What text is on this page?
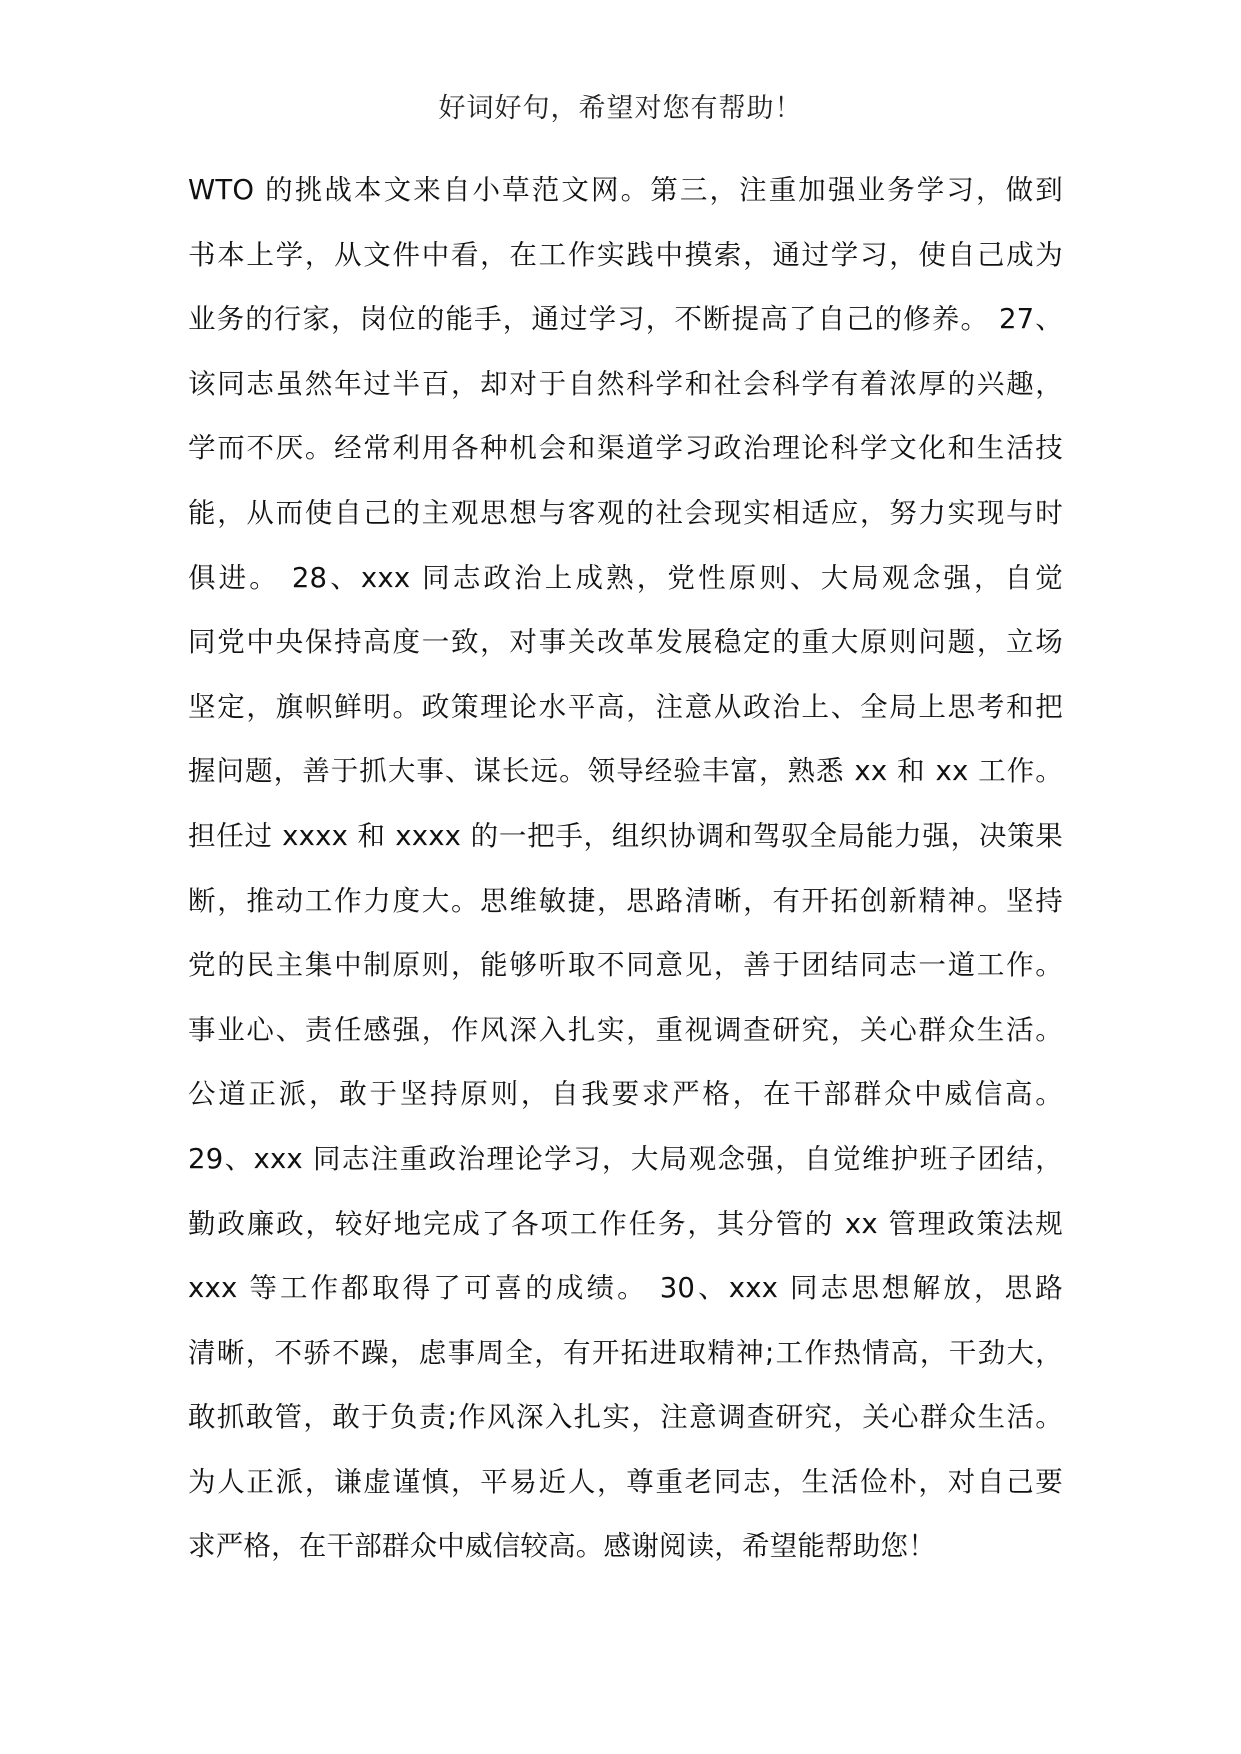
好词好句，希望对您有帮助！
WTO 的挑战本文来自小草范文网。第三，注重加强业务学习，做到
书本上学，从文件中看，在工作实践中摸索，通过学习，使自己成为
业务的行家，岗位的能手，通过学习，不断提高了自己的修养。 27、
该同志虽然年过半百，却对于自然科学和社会科学有着浓厚的兴趣，
学而不厌。经常利用各种机会和渠道学习政治理论科学文化和生活技
能，从而使自己的主观思想与客观的社会现实相适应，努力实现与时
俱进。 28、xxx 同志政治上成熟，党性原则、大局观念强，自觉
同党中央保持高度一致，对事关改革发展稳定的重大原则问题，立场
坚定，旗帜鲜明。政策理论水平高，注意从政治上、全局上思考和把
握问题，善于抓大事、谋长远。领导经验丰富，熟悉 xx 和 xx 工作。
担任过 xxxx 和 xxxx 的一把手，组织协调和驾驭全局能力强，决策果
断，推动工作力度大。思维敏捷，思路清晰，有开拓创新精神。坚持
党的民主集中制原则，能够听取不同意见，善于团结同志一道工作。
事业心、责任感强，作风深入扎实，重视调查研究，关心群众生活。
公道正派，敢于坚持原则，自我要求严格，在干部群众中威信高。
29、xxx 同志注重政治理论学习，大局观念强，自觉维护班子团结，
勤政廉政，较好地完成了各项工作任务，其分管的 xx 管理政策法规
xxx 等工作都取得了可喜的成绩。 30、xxx 同志思想解放，思路
清晰，不骄不躁，虑事周全，有开拓进取精神;工作热情高，干劲大，
敢抓敢管，敢于负责;作风深入扎实，注意调查研究，关心群众生活。
为人正派，谦虚谨慎，平易近人，尊重老同志，生活俭朴，对自己要
求严格，在干部群众中威信较高。感谢阅读，希望能帮助您！
